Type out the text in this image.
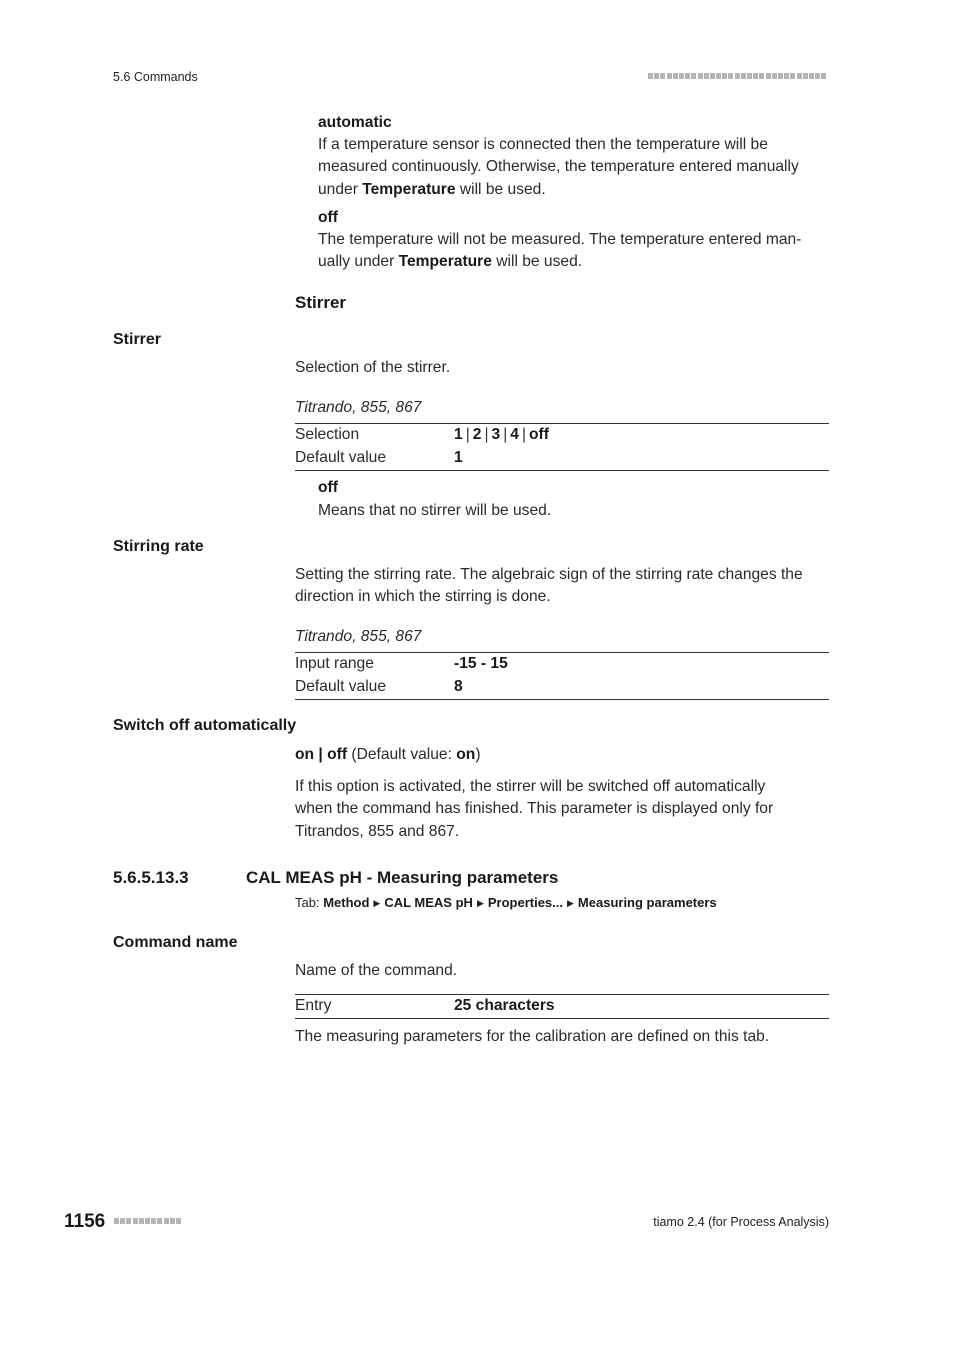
5.6 Commands
automatic
If a temperature sensor is connected then the temperature will be
measured continuously. Otherwise, the temperature entered manually
under Temperature will be used.
off
The temperature will not be measured. The temperature entered man-
ually under Temperature will be used.
Stirrer
Stirrer
Selection of the stirrer.
Titrando, 855, 867
Selection	1 | 2 | 3 | 4 | off
Default value	1
off
Means that no stirrer will be used.
Stirring rate
Setting the stirring rate. The algebraic sign of the stirring rate changes the
direction in which the stirring is done.
Titrando, 855, 867
Input range	-15 - 15
Default value	8
Switch off automatically
on | off (Default value: on)
If this option is activated, the stirrer will be switched off automatically
when the command has finished. This parameter is displayed only for
Titrandos, 855 and 867.
5.6.5.13.3	CAL MEAS pH - Measuring parameters
Tab: Method ▶ CAL MEAS pH ▶ Properties... ▶ Measuring parameters
Command name
Name of the command.
Entry	25 characters
The measuring parameters for the calibration are defined on this tab.
1156	tiamo 2.4 (for Process Analysis)
